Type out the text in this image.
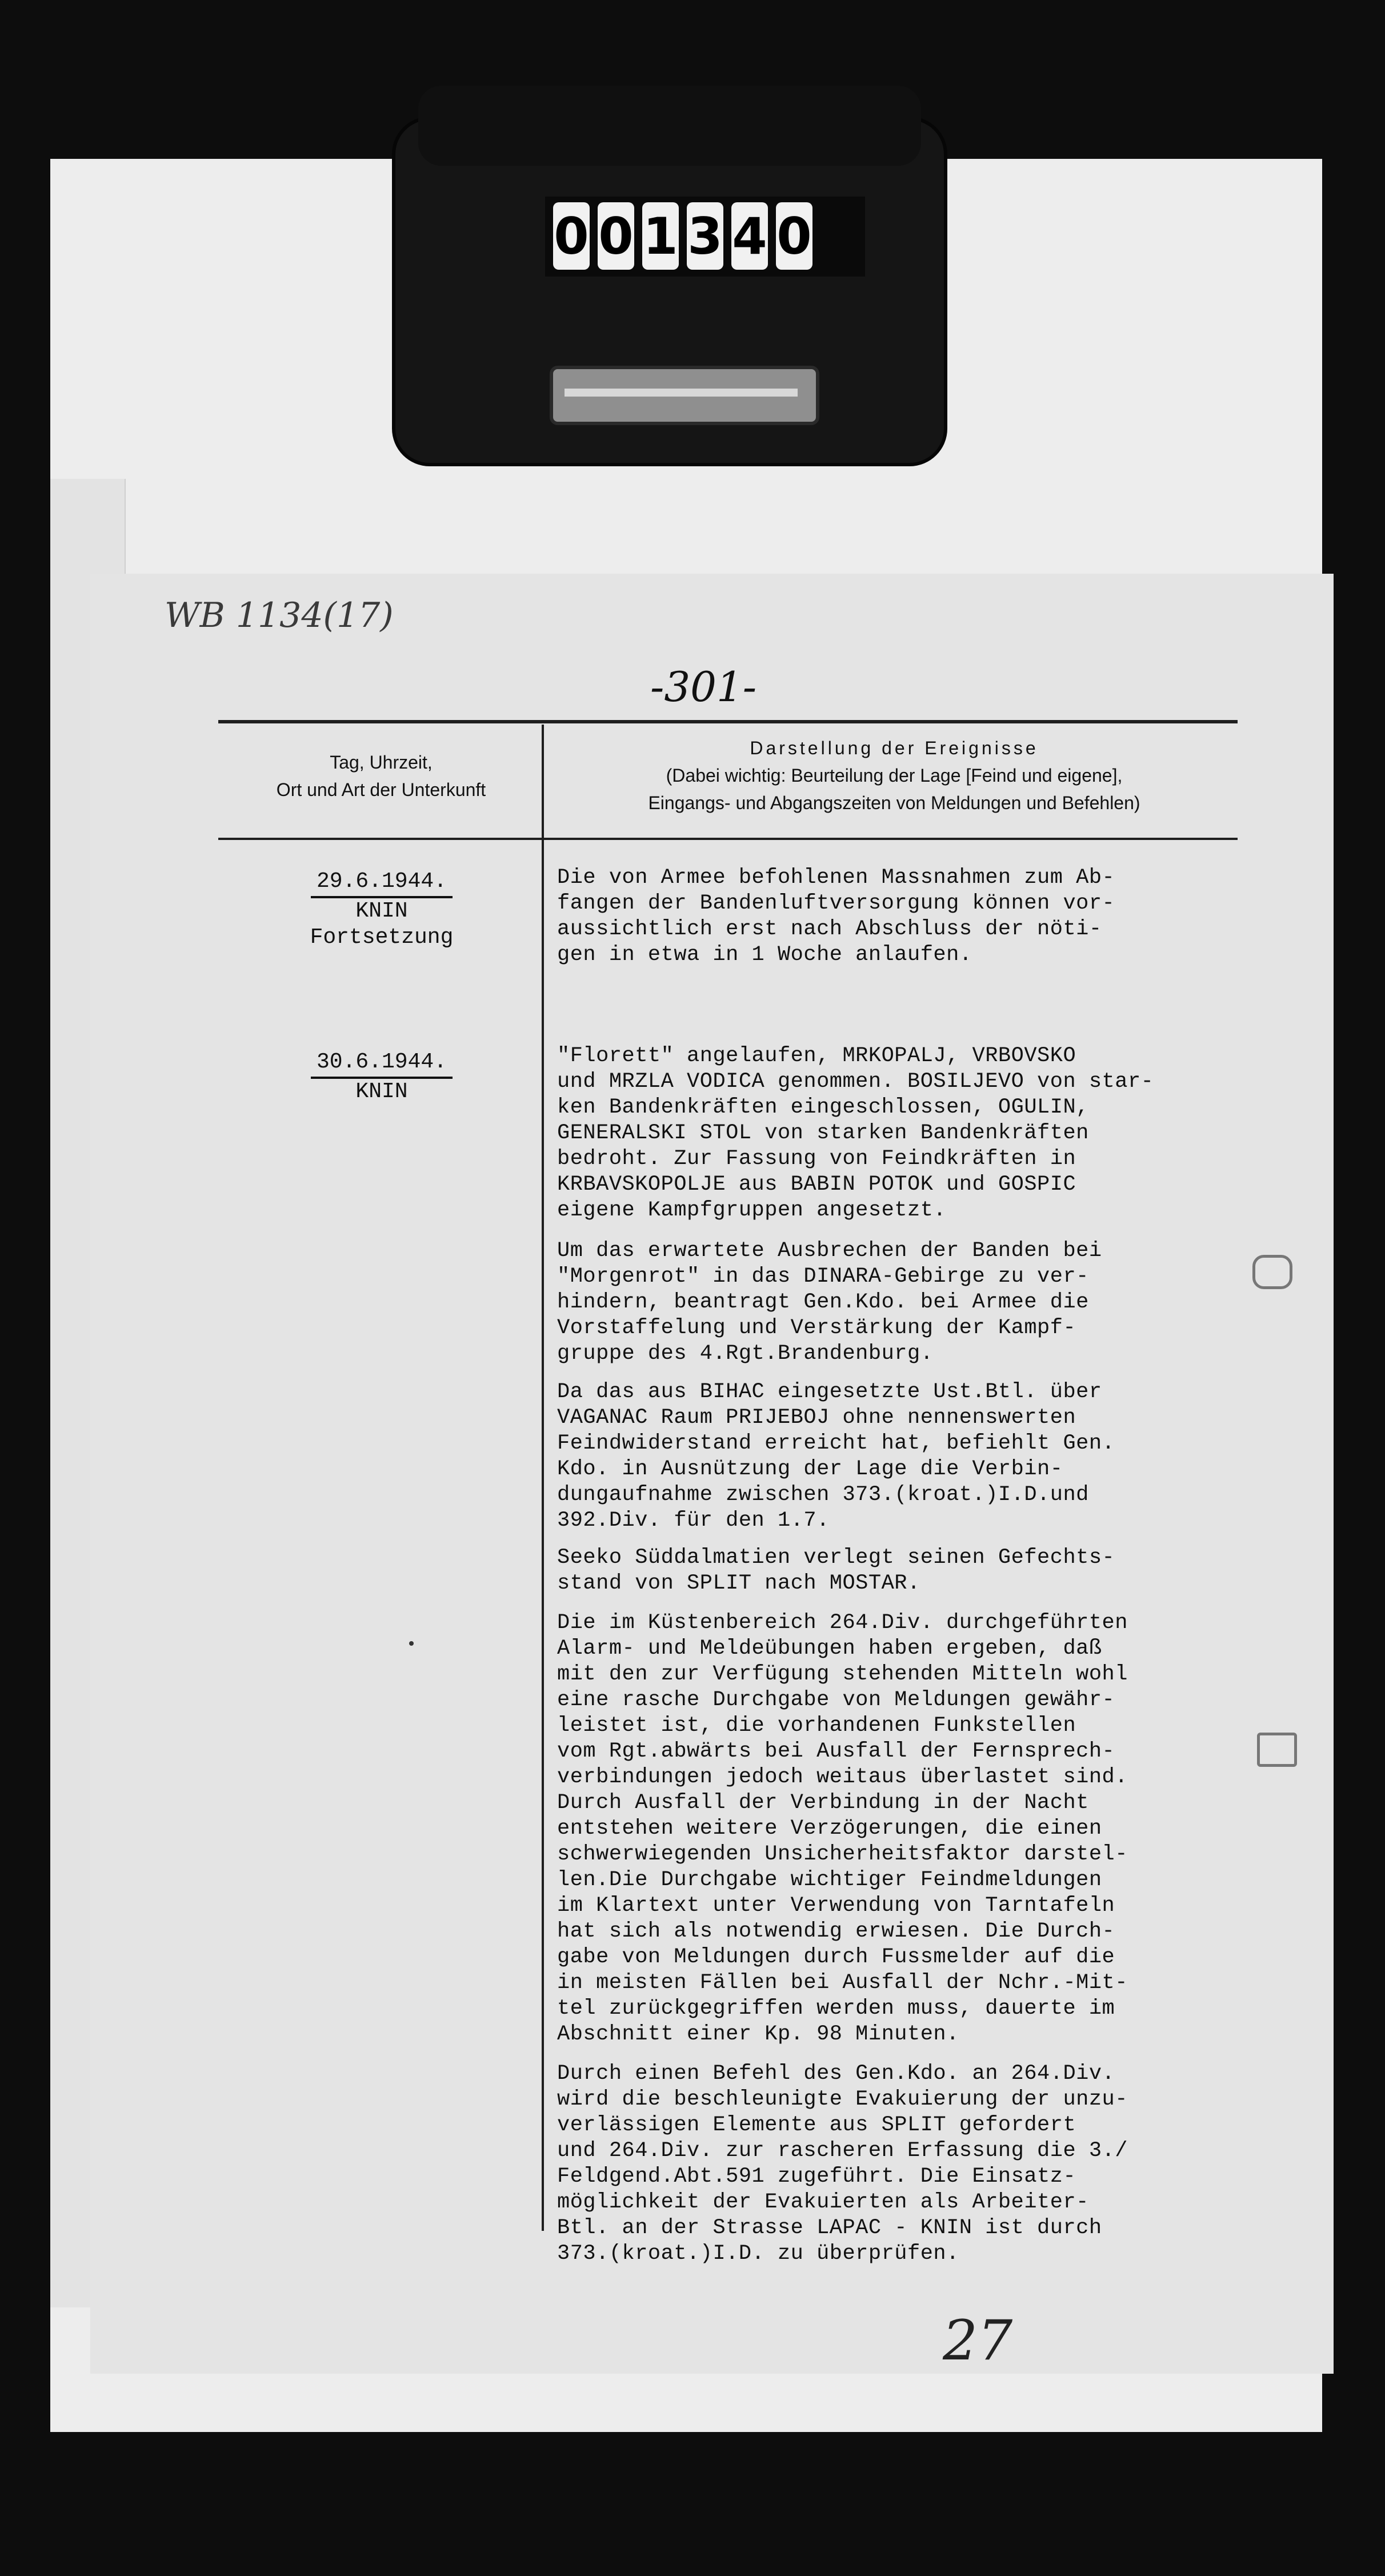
0 0 1 3 4 0
WB 1134(17)
-301-
Tag, Uhrzeit,
Ort und Art der Unterkunft
Darstellung der Ereignisse
(Dabei wichtig: Beurteilung der Lage [Feind und eigene],
Eingangs- und Abgangszeiten von Meldungen und Befehlen)
29.6.1944.
KNIN
Fortsetzung
30.6.1944.
KNIN

Die von Armee befohlenen Massnahmen zum Ab-
fangen der Bandenluftversorgung können vor-
aussichtlich erst nach Abschluss der nöti-
gen in etwa in 1 Woche anlaufen.

"Florett" angelaufen, MRKOPALJ, VRBOVSKO
und MRZLA VODICA genommen. BOSILJEVO von star-
ken Bandenkräften eingeschlossen, OGULIN,
GENERALSKI STOL von starken Bandenkräften
bedroht. Zur Fassung von Feindkräften in
KRBAVSKOPOLJE aus BABIN POTOK und GOSPIC
eigene Kampfgruppen angesetzt.

Um das erwartete Ausbrechen der Banden bei
"Morgenrot" in das DINARA-Gebirge zu ver-
hindern, beantragt Gen.Kdo. bei Armee die
Vorstaffelung und Verstärkung der Kampf-
gruppe des 4.Rgt.Brandenburg.

Da das aus BIHAC eingesetzte Ust.Btl. über
VAGANAC Raum PRIJEBOJ ohne nennenswerten
Feindwiderstand erreicht hat, befiehlt Gen.
Kdo. in Ausnützung der Lage die Verbin-
dungaufnahme zwischen 373.(kroat.)I.D.und
392.Div. für den 1.7.

Seeko Süddalmatien verlegt seinen Gefechts-
stand von SPLIT nach MOSTAR.

Die im Küstenbereich 264.Div. durchgeführten
Alarm- und Meldeübungen haben ergeben, daß
mit den zur Verfügung stehenden Mitteln wohl
eine rasche Durchgabe von Meldungen gewähr-
leistet ist, die vorhandenen Funkstellen
vom Rgt.abwärts bei Ausfall der Fernsprech-
verbindungen jedoch weitaus überlastet sind.
Durch Ausfall der Verbindung in der Nacht
entstehen weitere Verzögerungen, die einen
schwerwiegenden Unsicherheitsfaktor darstel-
len.Die Durchgabe wichtiger Feindmeldungen
im Klartext unter Verwendung von Tarntafeln
hat sich als notwendig erwiesen. Die Durch-
gabe von Meldungen durch Fussmelder auf die
in meisten Fällen bei Ausfall der Nchr.-Mit-
tel zurückgegriffen werden muss, dauerte im
Abschnitt einer Kp. 98 Minuten.

Durch einen Befehl des Gen.Kdo. an 264.Div.
wird die beschleunigte Evakuierung der unzu-
verlässigen Elemente aus SPLIT gefordert
und 264.Div. zur rascheren Erfassung die 3./
Feldgend.Abt.591 zugeführt. Die Einsatz-
möglichkeit der Evakuierten als Arbeiter-
Btl. an der Strasse LAPAC - KNIN ist durch
373.(kroat.)I.D. zu überprüfen.

27
